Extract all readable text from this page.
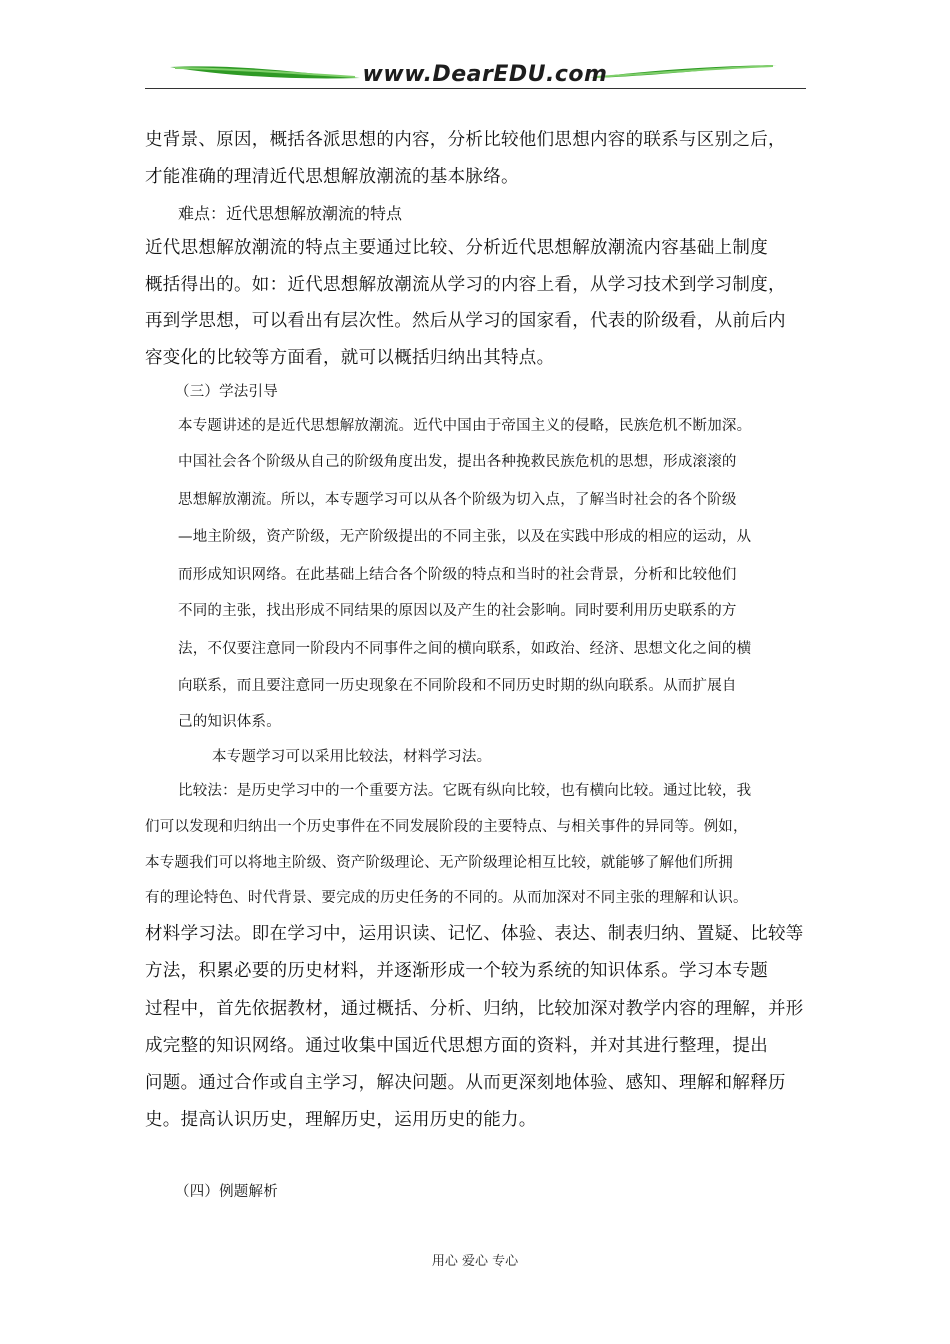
www.DearEDU.com
史背景、原因，概括各派思想的内容，分析比较他们思想内容的联系与区别之后，
才能准确的理清近代思想解放潮流的基本脉络。
难点：近代思想解放潮流的特点
近代思想解放潮流的特点主要通过比较、分析近代思想解放潮流内容基础上制度
概括得出的。如：近代思想解放潮流从学习的内容上看，从学习技术到学习制度，
再到学思想，可以看出有层次性。然后从学习的国家看，代表的阶级看，从前后内
容变化的比较等方面看，就可以概括归纳出其特点。
（三）学法引导
本专题讲述的是近代思想解放潮流。近代中国由于帝国主义的侵略，民族危机不断加深。
中国社会各个阶级从自己的阶级角度出发，提出各种挽救民族危机的思想，形成滚滚的
思想解放潮流。所以，本专题学习可以从各个阶级为切入点，了解当时社会的各个阶级
—地主阶级，资产阶级，无产阶级提出的不同主张，以及在实践中形成的相应的运动，从
而形成知识网络。在此基础上结合各个阶级的特点和当时的社会背景，分析和比较他们
不同的主张，找出形成不同结果的原因以及产生的社会影响。同时要利用历史联系的方
法，不仅要注意同一阶段内不同事件之间的横向联系，如政治、经济、思想文化之间的横
向联系，而且要注意同一历史现象在不同阶段和不同历史时期的纵向联系。从而扩展自
己的知识体系。
本专题学习可以采用比较法，材料学习法。
比较法：是历史学习中的一个重要方法。它既有纵向比较，也有横向比较。通过比较，我
们可以发现和归纳出一个历史事件在不同发展阶段的主要特点、与相关事件的异同等。例如，
本专题我们可以将地主阶级、资产阶级理论、无产阶级理论相互比较，就能够了解他们所拥
有的理论特色、时代背景、要完成的历史任务的不同的。从而加深对不同主张的理解和认识。
材料学习法。即在学习中，运用识读、记忆、体验、表达、制表归纳、置疑、比较等
方法，积累必要的历史材料，并逐渐形成一个较为系统的知识体系。学习本专题
过程中，首先依据教材，通过概括、分析、归纳，比较加深对教学内容的理解，并形
成完整的知识网络。通过收集中国近代思想方面的资料，并对其进行整理，提出
问题。通过合作或自主学习，解决问题。从而更深刻地体验、感知、理解和解释历
史。提高认识历史，理解历史，运用历史的能力。
（四）例题解析
用心 爱心 专心
